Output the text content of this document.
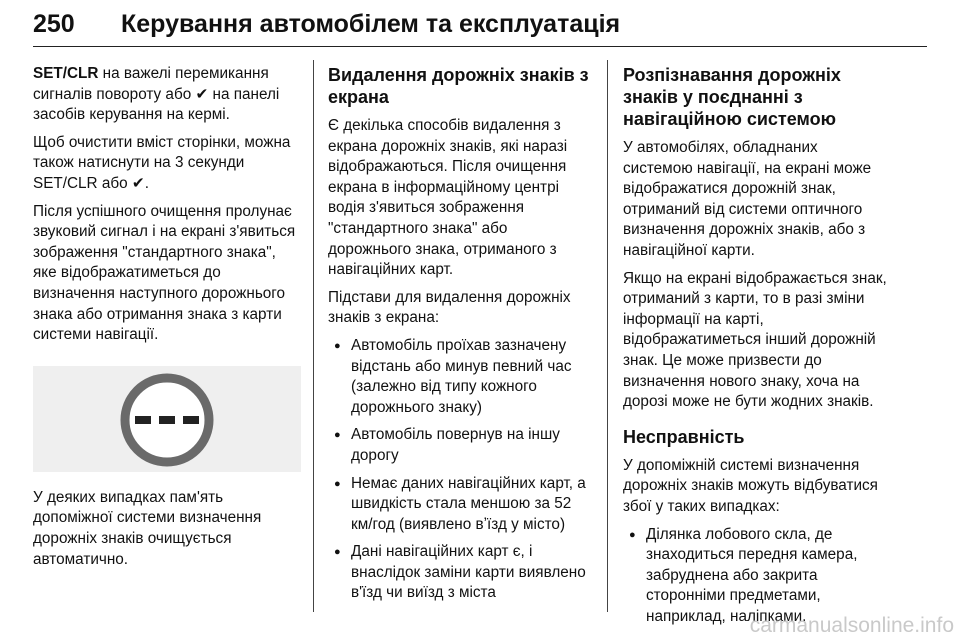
250 Керування автомобілем та експлуатація

SET/CLR на важелі перемикання сигналів повороту або ✔ на панелі засобів керування на кермі.

Щоб очистити вміст сторінки, можна також натиснути на 3 секунди SET/CLR або ✔.

Після успішного очищення пролунає звуковий сигнал і на екрані з'явиться зображення "стандартного знака", яке відображатиметься до визначення наступного дорожнього знака або отримання знака з карти системи навігації.

У деяких випадках пам'ять допоміжної системи визначення дорожніх знаків очищується автоматично.

Видалення дорожніх знаків з екрана

Є декілька способів видалення з екрана дорожніх знаків, які наразі відображаються. Після очищення екрана в інформаційному центрі водія з'явиться зображення "стандартного знака" або дорожнього знака, отриманого з навігаційних карт.

Підстави для видалення дорожніх знаків з екрана:

● Автомобіль проїхав зазначену відстань або минув певний час (залежно від типу кожного дорожнього знаку)
● Автомобіль повернув на іншу дорогу
● Немає даних навігаційних карт, а швидкість стала меншою за 52 км/год (виявлено вʼїзд у місто)
● Дані навігаційних карт є, і внаслідок заміни карти виявлено в'їзд чи виїзд з міста
Розпізнавання дорожніх знаків у поєднанні з навігаційною системою

У автомобілях, обладнаних системою навігації, на екрані може відображатися дорожній знак, отриманий від системи оптичного визначення дорожніх знаків, або з навігаційної карти.

Якщо на екрані відображається знак, отриманий з карти, то в разі зміни інформації на карті, відображатиметься інший дорожній знак. Це може призвести до визначення нового знаку, хоча на дорозі може не бути жодних знаків.

Несправність

У допоміжній системі визначення дорожніх знаків можуть відбуватися збої у таких випадках:

● Ділянка лобового скла, де знаходиться передня камера, забруднена або закрита сторонніми предметами, наприклад, наліпками.
carmanualsonline.info
